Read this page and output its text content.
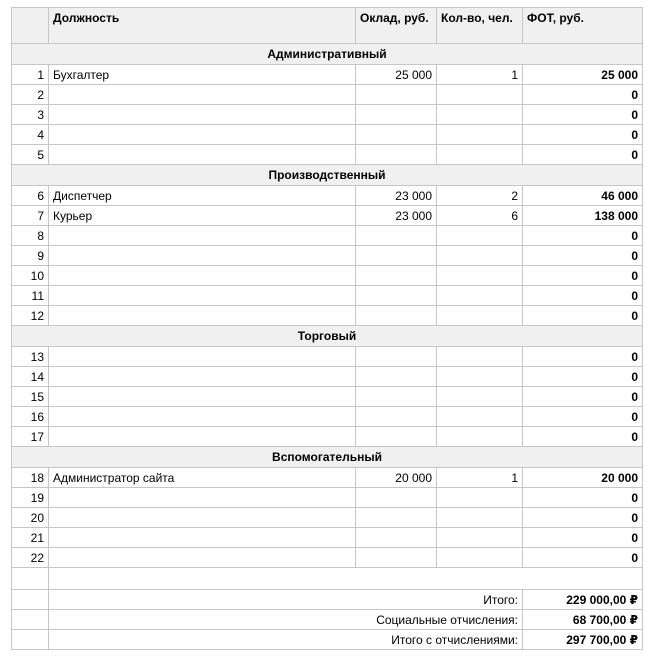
	Должность	Оклад, руб.	Кол-во, чел.	ФОТ, руб.
Административный				
1	Бухгалтер	25 000	1	25 000
2				0
3				0
4				0
5				0
Производственный				
6	Диспетчер	23 000	2	46 000
7	Курьер	23 000	6	138 000
8				0
9				0
10				0
11				0
12				0
Торговый				
13				0
14				0
15				0
16				0
17				0
Вспомогательный				
18	Администратор сайта	20 000	1	20 000
19				0
20				0
21				0
22				0

	Итого:			229 000,00 ₽
	Социальные отчисления:			68 700,00 ₽
	Итого с отчислениями:			297 700,00 ₽
